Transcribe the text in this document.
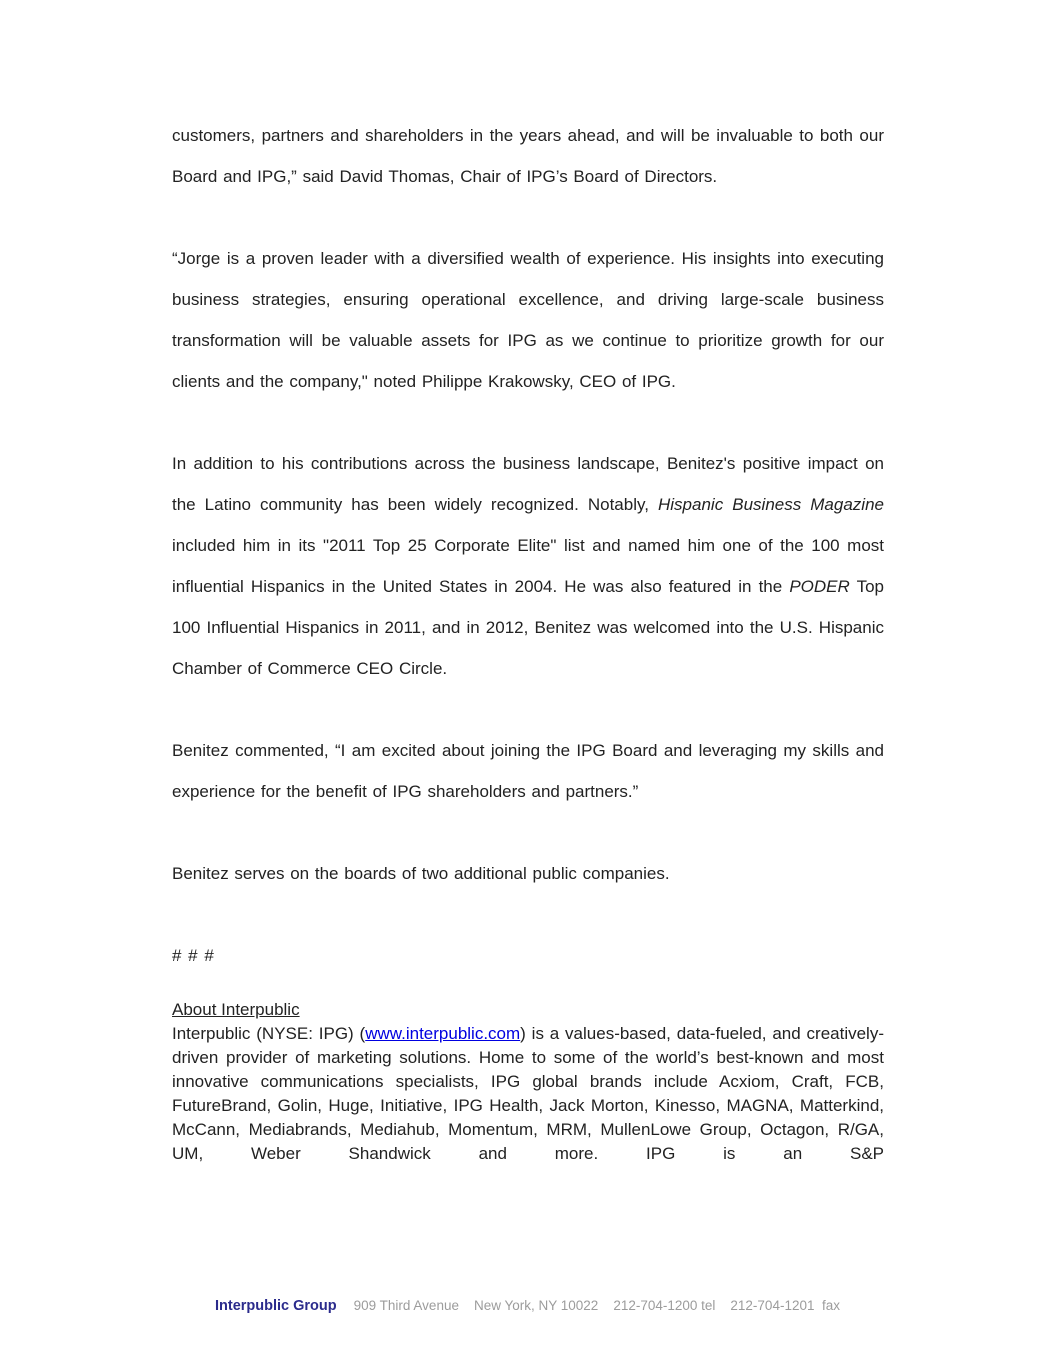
customers, partners and shareholders in the years ahead, and will be invaluable to both our Board and IPG,” said David Thomas, Chair of IPG’s Board of Directors.

“Jorge is a proven leader with a diversified wealth of experience. His insights into executing business strategies, ensuring operational excellence, and driving large-scale business transformation will be valuable assets for IPG as we continue to prioritize growth for our clients and the company," noted Philippe Krakowsky, CEO of IPG.

In addition to his contributions across the business landscape, Benitez's positive impact on the Latino community has been widely recognized. Notably, Hispanic Business Magazine included him in its "2011 Top 25 Corporate Elite" list and named him one of the 100 most influential Hispanics in the United States in 2004. He was also featured in the PODER Top 100 Influential Hispanics in 2011, and in 2012, Benitez was welcomed into the U.S. Hispanic Chamber of Commerce CEO Circle.

Benitez commented, “I am excited about joining the IPG Board and leveraging my skills and experience for the benefit of IPG shareholders and partners.”

Benitez serves on the boards of two additional public companies.

# # #

About Interpublic

Interpublic (NYSE: IPG) (www.interpublic.com) is a values-based, data-fueled, and creatively-driven provider of marketing solutions. Home to some of the world’s best-known and most innovative communications specialists, IPG global brands include Acxiom, Craft, FCB, FutureBrand, Golin, Huge, Initiative, IPG Health, Jack Morton, Kinesso, MAGNA, Matterkind, McCann, Mediabrands, Mediahub, Momentum, MRM, MullenLowe Group, Octagon, R/GA, UM, Weber Shandwick and more. IPG is an S&P

Interpublic Group 909 Third Avenue New York, NY 10022 212-704-1200 tel 212-704-1201  fax
